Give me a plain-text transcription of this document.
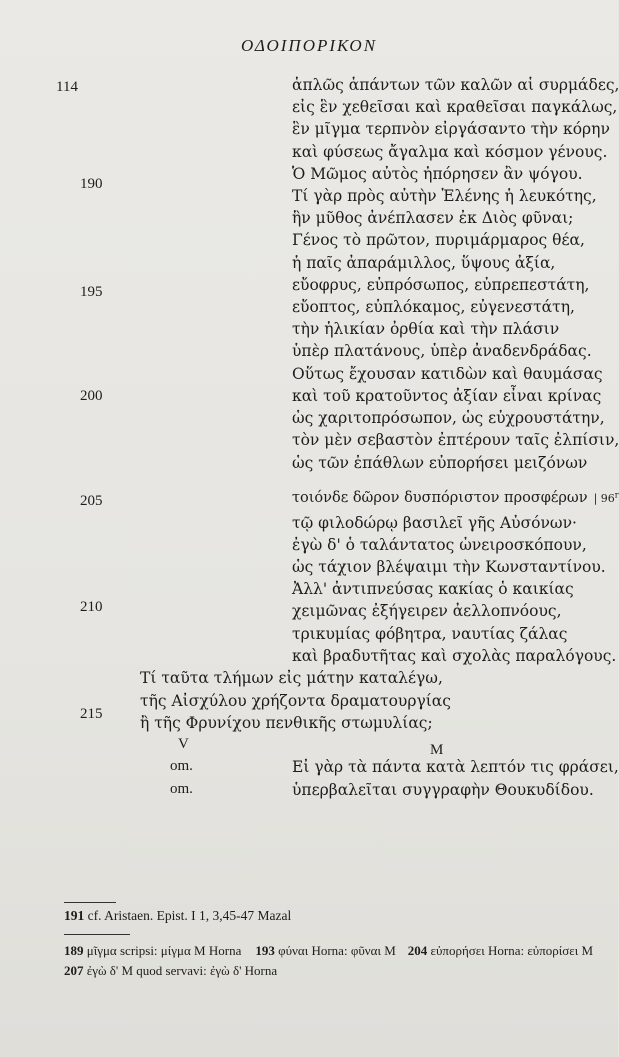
ΟΔΟΙΠΟΡΙΚΟΝ
114
190
195
200
205
210
215
ἁπλῶς ἁπάντων τῶν καλῶν αἱ συρμάδες,
εἰς ἓν χεθεῖσαι καὶ κραθεῖσαι παγκάλως,
ἓν μῖγμα τερπνὸν εἰργάσαντο τὴν κόρην
καὶ φύσεως ἄγαλμα καὶ κόσμον γένους.
Ὁ Μῶμος αὐτὸς ἠπόρησεν ἂν ψόγου.
Τί γὰρ πρὸς αὐτὴν Ἑλένης ἡ λευκότης,
ἣν μῦθος ἀνέπλασεν ἐκ Διὸς φῦναι;
Γένος τὸ πρῶτον, πυριμάρμαρος θέα,
ἡ παῖς ἀπαράμιλλος, ὕψους ἀξία,
εὔοφρυς, εὐπρόσωπος, εὐπρεπεστάτη,
εὔοπτος, εὐπλόκαμος, εὐγενεστάτη,
τὴν ἡλικίαν ὀρθία καὶ τὴν πλάσιν
ὑπὲρ πλατάνους, ὑπὲρ ἀναδενδράδας.
Οὕτως ἔχουσαν κατιδὼν καὶ θαυμάσας
καὶ τοῦ κρατοῦντος ἀξίαν εἶναι κρίνας
ὡς χαριτοπρόσωπον, ὡς εὐχρουστάτην,
τὸν μὲν σεβαστὸν ἐπτέρουν ταῖς ἐλπίσιν,
ὡς τῶν ἐπάθλων εὐπορήσει μειζόνων
τοιόνδε δῶρον δυσπόριστον προσφέρων | 96$^r$
τῷ φιλοδώρῳ βασιλεῖ γῆς Αὐσόνων·
ἐγὼ δ' ὁ ταλάντατος ὠνειροσκόπουν,
ὡς τάχιον βλέψαιμι τὴν Κωνσταντίνου.
Ἀλλ' ἀντιπνεύσας κακίας ὁ καικίας
χειμῶνας ἐξήγειρεν ἀελλοπνόους,
τρικυμίας φόβητρα, ναυτίας ζάλας
καὶ βραδυτῆτας καὶ σχολὰς παραλόγους.
Τί ταῦτα τλήμων εἰς μάτην καταλέγω,
τῆς Αἰσχύλου χρήζοντα δραματουργίας
ἢ τῆς Φρυνίχου πενθικῆς στωμυλίας;
Εἰ γὰρ τὰ πάντα κατὰ λεπτόν τις φράσει,
ὑπερβαλεῖται συγγραφὴν Θουκυδίδου.
V	M
om.
om.
191 cf. Aristaen. Epist. I 1, 3,45-47 Mazal
189 μῖγμα scripsi: μίγμα M Horna 193 φύναι Horna: φῦναι M 204 εὐπορήσει Horna: εὐπορίσει M
207 ἐγὼ δ' M quod servavi: ἐγὼ δ' Horna
